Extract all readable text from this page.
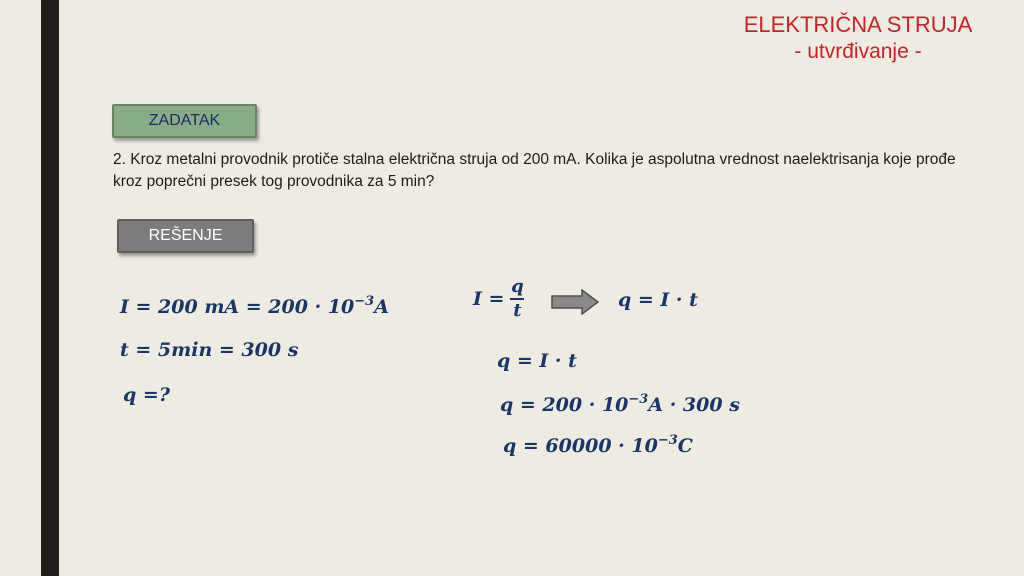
ELEKTRIČNA STRUJA
- utvrđivanje -
ZADATAK
2. Kroz metalni provodnik protiče stalna električna struja od 200 mA. Kolika je aspolutna vrednost naelektrisanja koje prođe kroz poprečni presek tog provodnika za 5 min?
REŠENJE
I = 200 mA = $200 \cdot 10^{-3}A$
t = 5min = 300 s
q =?
$I = \frac{q}{t}$	q = I · t
q = I · t
$q = 200 \cdot 10^{-3}A \cdot 300$ s
$q = 60000 \cdot 10^{-3}C$
